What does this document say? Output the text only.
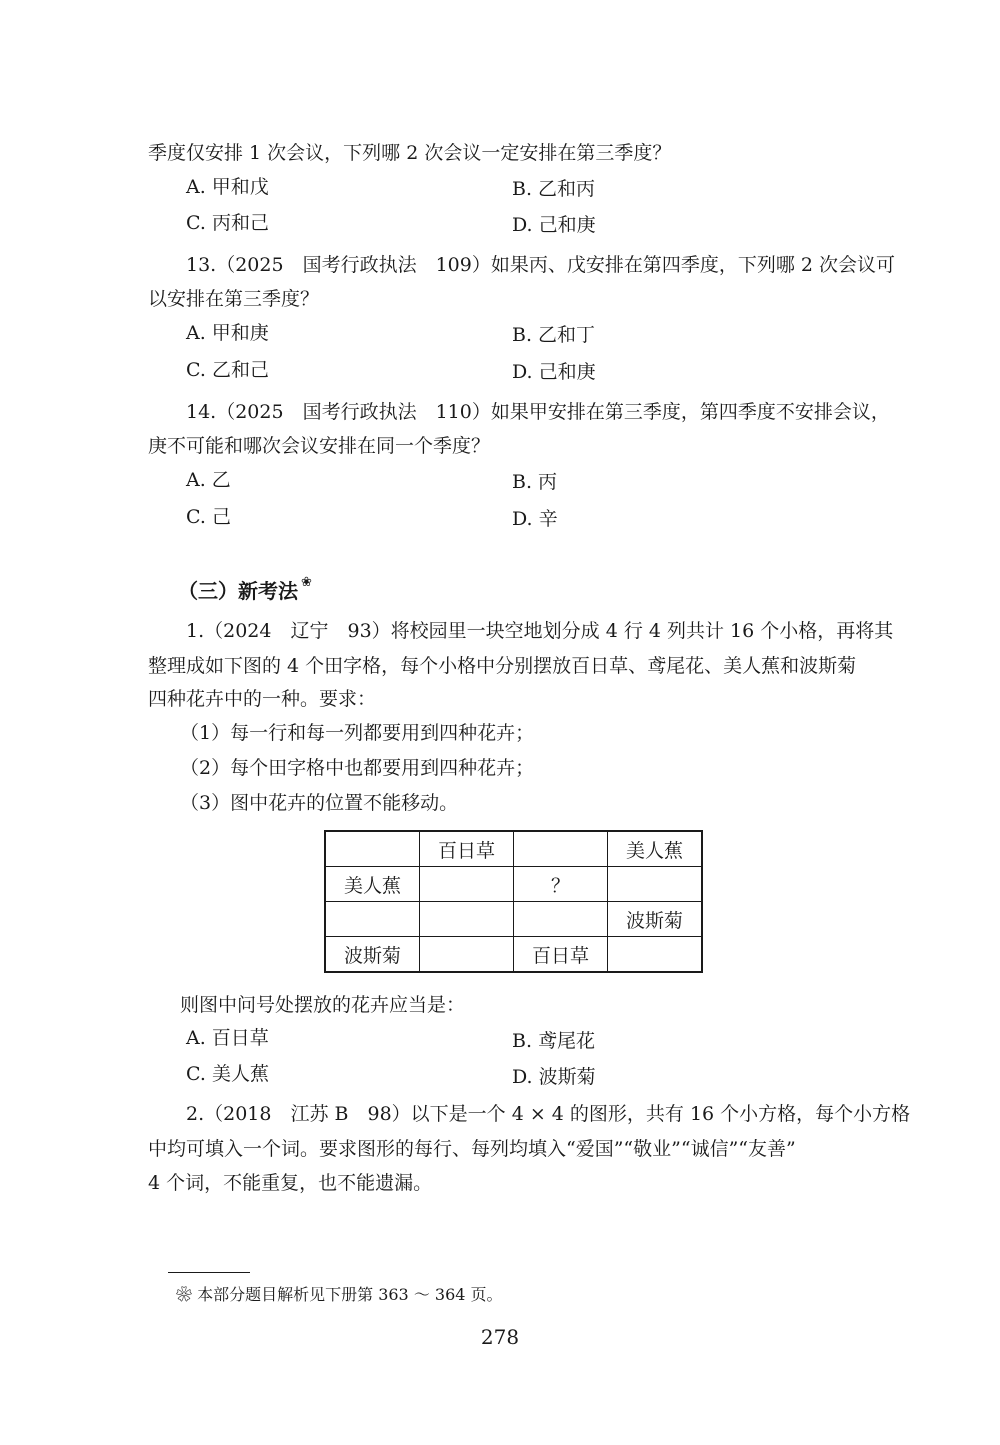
季度仅安排 1 次会议，下列哪 2 次会议一定安排在第三季度？

A. 甲和戊	B. 乙和丙
C. 丙和己	D. 己和庚

13.（2025　国考行政执法　109）如果丙、戊安排在第四季度，下列哪 2 次会议可

以安排在第三季度？

A. 甲和庚	B. 乙和丁
C. 乙和己	D. 己和庚

14.（2025　国考行政执法　110）如果甲安排在第三季度，第四季度不安排会议，

庚不可能和哪次会议安排在同一个季度？

A. 乙	B. 丙
C. 己	D. 辛
（三）新考法 ❀

1.（2024　辽宁　93）将校园里一块空地划分成 4 行 4 列共计 16 个小格，再将其

整理成如下图的 4 个田字格，每个小格中分别摆放百日草、鸢尾花、美人蕉和波斯菊

四种花卉中的一种。要求：

（1）每一行和每一列都要用到四种花卉；

（2）每个田字格中也都要用到四种花卉；

（3）图中花卉的位置不能移动。

	百日草		美人蕉
美人蕉		？	
			波斯菊
波斯菊		百日草	

则图中问号处摆放的花卉应当是：

A. 百日草	B. 鸢尾花
C. 美人蕉	D. 波斯菊

2.（2018　江苏 B　98）以下是一个 4 × 4 的图形，共有 16 个小方格，每个小方格

中均可填入一个词。要求图形的每行、每列均填入“爱国”“敬业”“诚信”“友善”

4 个词，不能重复，也不能遗漏。

❀ 本部分题目解析见下册第 363 ～ 364 页。
278
